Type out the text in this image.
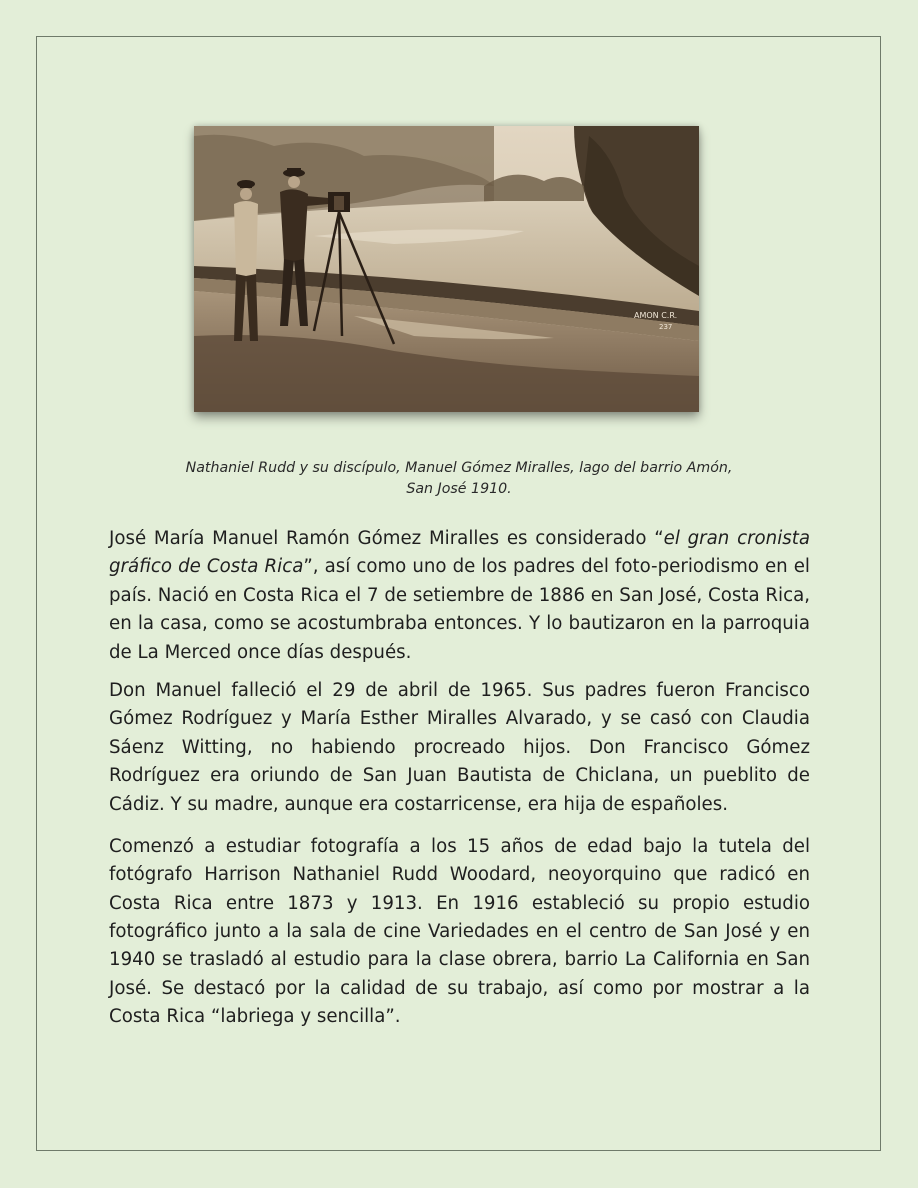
AMON C.R.
237
Nathaniel Rudd y su discípulo, Manuel Gómez Miralles, lago del barrio Amón,
San José 1910.

José María Manuel Ramón Gómez Miralles es considerado “el gran cronista gráfico de Costa Rica”, así como uno de los padres del foto-periodismo en el país. Nació en Costa Rica el 7 de setiembre de 1886 en San José, Costa Rica, en la casa, como se acostumbraba entonces. Y lo bautizaron en la parroquia de La Merced once días después.

Don Manuel falleció el 29 de abril de 1965. Sus padres fueron Francisco Gómez Rodríguez y María Esther Miralles Alvarado, y se casó con Claudia Sáenz Witting, no habiendo procreado hijos. Don Francisco Gómez Rodríguez era oriundo de San Juan Bautista de Chiclana, un pueblito de Cádiz. Y su madre, aunque era costarricense, era hija de españoles.

Comenzó a estudiar fotografía a los 15 años de edad bajo la tutela del fotógrafo Harrison Nathaniel Rudd Woodard, neoyorquino que radicó en Costa Rica entre 1873 y 1913. En 1916 estableció su propio estudio fotográfico junto a la sala de cine Variedades en el centro de San José y en 1940 se trasladó al estudio para la clase obrera, barrio La California en San José. Se destacó por la calidad de su trabajo, así como por mostrar a la Costa Rica “labriega y sencilla”.
